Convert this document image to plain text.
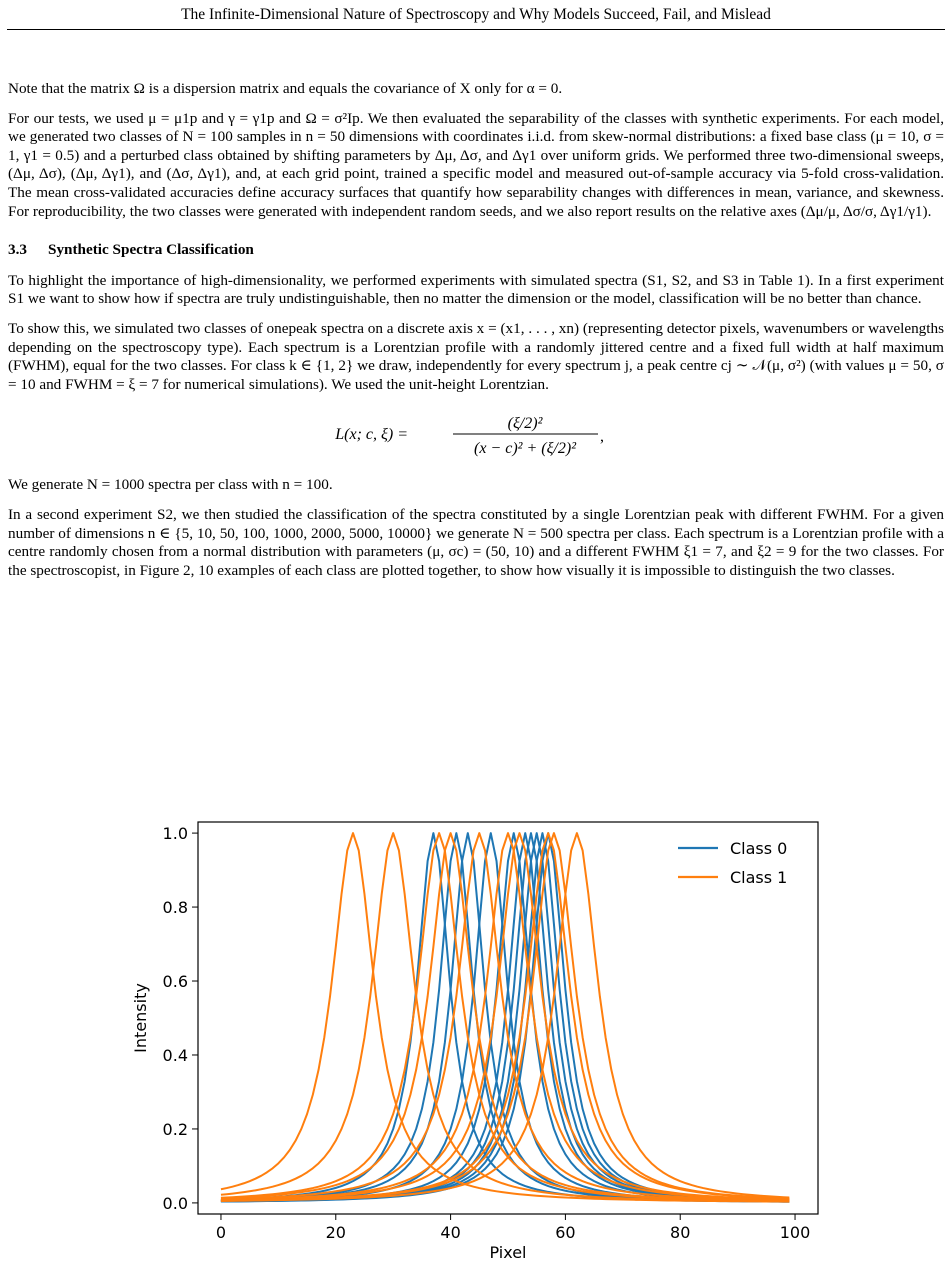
The Infinite-Dimensional Nature of Spectroscopy and Why Models Succeed, Fail, and Mislead

Note that the matrix Ω is a dispersion matrix and equals the covariance of X only for α = 0.

For our tests, we used μ = μ1p and γ = γ1p and Ω = σ²Ip. We then evaluated the separability of the classes with synthetic experiments. For each model, we generated two classes of N = 100 samples in n = 50 dimensions with coordinates i.i.d. from skew-normal distributions: a fixed base class (μ = 10, σ = 1, γ1 = 0.5) and a perturbed class obtained by shifting parameters by Δμ, Δσ, and Δγ1 over uniform grids. We performed three two-dimensional sweeps, (Δμ, Δσ), (Δμ, Δγ1), and (Δσ, Δγ1), and, at each grid point, trained a specific model and measured out-of-sample accuracy via 5-fold cross-validation. The mean cross-validated accuracies define accuracy surfaces that quantify how separability changes with differences in mean, variance, and skewness. For reproducibility, the two classes were generated with independent random seeds, and we also report results on the relative axes (Δμ/μ, Δσ/σ, Δγ1/γ1).

3.3 Synthetic Spectra Classification

To highlight the importance of high-dimensionality, we performed experiments with simulated spectra (S1, S2, and S3 in Table 1). In a first experiment S1 we want to show how if spectra are truly undistinguishable, then no matter the dimension or the model, classification will be no better than chance.

To show this, we simulated two classes of onepeak spectra on a discrete axis x = (x1, . . . , xn) (representing detector pixels, wavenumbers or wavelengths depending on the spectroscopy type). Each spectrum is a Lorentzian profile with a randomly jittered centre and a fixed full width at half maximum (FWHM), equal for the two classes. For class k ∈ {1, 2} we draw, independently for every spectrum j, a peak centre cj ∼ 𝒩(μ, σ²) (with values μ = 50, σ = 10 and FWHM = ξ = 7 for numerical simulations). We used the unit-height Lorentzian.

L(x; c, ξ) =
(ξ/2)²
(x − c)² + (ξ/2)²
,

We generate N = 1000 spectra per class with n = 100.

In a second experiment S2, we then studied the classification of the spectra constituted by a single Lorentzian peak with different FWHM. For a given number of dimensions n ∈ {5, 10, 50, 100, 1000, 2000, 5000, 10000} we generate N = 500 spectra per class. Each spectrum is a Lorentzian profile with a centre randomly chosen from a normal distribution with parameters (μ, σc) = (50, 10) and a different FWHM ξ1 = 7, and ξ2 = 9 for the two classes. For the spectroscopist, in Figure 2, 10 examples of each class are plotted together, to show how visually it is impossible to distinguish the two classes.

0	20	40	60	80	100
0.0
0.2
0.4
0.6
0.8
1.0
Pixel
Intensity
Class 0
Class 1
